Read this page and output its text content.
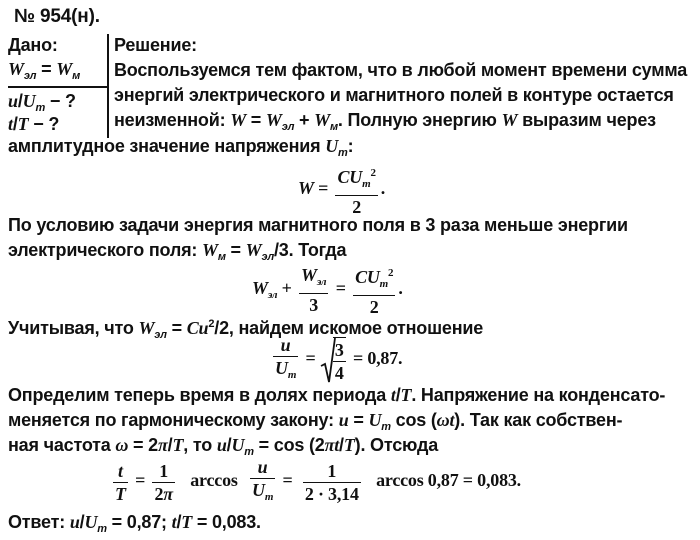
№ 954(н).
Дано:
$W_{эл} = W_м$
$u/U_m$ − ?
t/T − ?
Решение:
Воспользуемся тем фактом, что в любой момент времени сумма
энергий электрического и магнитного полей в контуре остается
неизменной: $W = W_{эл} + W_м$. Полную энергию W выразим через
амплитудное значение напряжения $U_m$:
$W = \frac{CU_m^2}{2}$ .
По условию задачи энергия магнитного поля в 3 раза меньше энергии
электрического поля: $W_м = W_{эл}/3$. Тогда
$W_{эл} + \frac{W_{эл}}{3} = \frac{CU_m^2}{2}$ .
Учитывая, что $W_{эл} = Cu^2/2$, найдем искомое отношение
$\frac{u}{U_m} = \frac{3}{4} = 0,87$.
Определим теперь время в долях периода t/T. Напряжение на конденсато-
меняется по гармоническому закону: $u = U_m$ cos (ωt). Так как собствен-
ная частота ω = 2π/T, то $u/U_m = \cos (2\pi t/T)$. Отсюда
$\frac{t}{T} = \frac{1}{2\pi}$ $\arccos \frac{u}{U_m} = \frac{1}{2 \cdot 3,14}$ arccos 0,87 = 0,083.
Ответ: $u/U_m = 0,87$; t/T = 0,083.
